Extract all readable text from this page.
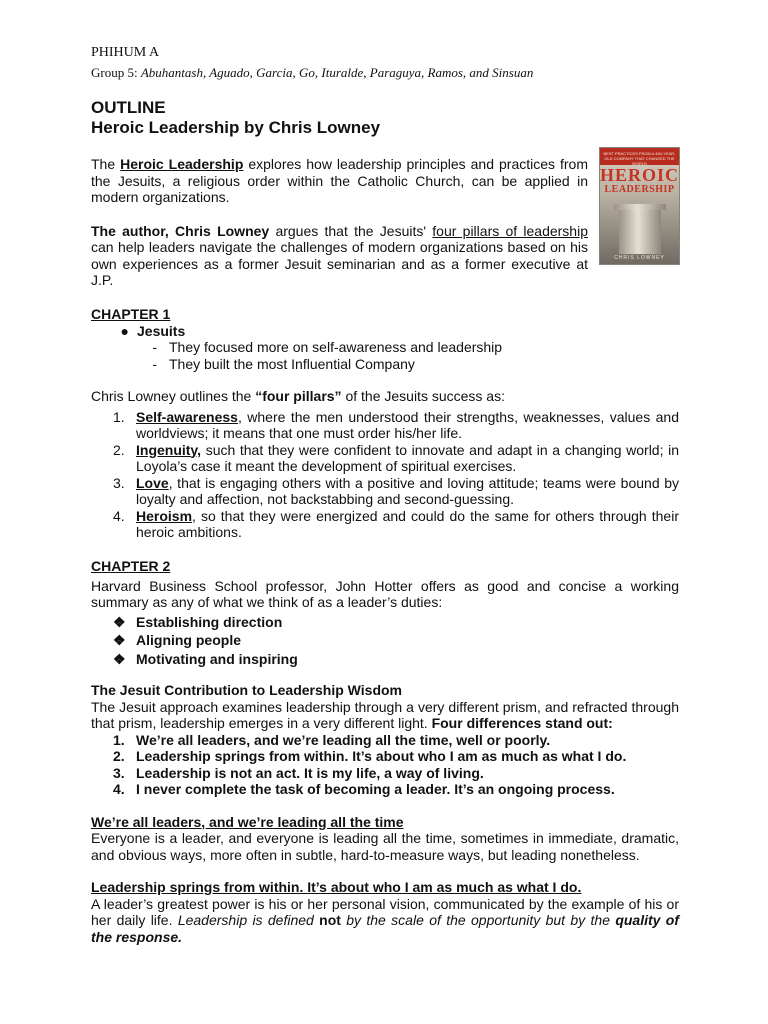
PHIHUM A
Group 5: Abuhantash, Aguado, Garcia, Go, Ituralde, Paraguya, Ramos, and Sinsuan
OUTLINE
Heroic Leadership by Chris Lowney

The Heroic Leadership explores how leadership principles and practices from the Jesuits, a religious order within the Catholic Church, can be applied in modern organizations.

The author, Chris Lowney argues that the Jesuits' four pillars of leadership can help leaders navigate the challenges of modern organizations based on his own experiences as a former Jesuit seminarian and as a former executive at J.P.

CHAPTER 1
● Jesuits
- They focused more on self-awareness and leadership
- They built the most Influential Company

Chris Lowney outlines the “four pillars” of the Jesuits success as:

1. Self-awareness, where the men understood their strengths, weaknesses, values and worldviews; it means that one must order his/her life.
2. Ingenuity, such that they were confident to innovate and adapt in a changing world; in Loyola’s case it meant the development of spiritual exercises.
3. Love, that is engaging others with a positive and loving attitude; teams were bound by loyalty and affection, not backstabbing and second-guessing.
4. Heroism, so that they were energized and could do the same for others through their heroic ambitions.
CHAPTER 2

Harvard Business School professor, John Hotter offers as good and concise a working summary as any of what we think of as a leader’s duties:

❖ Establishing direction
❖ Aligning people
❖ Motivating and inspiring
The Jesuit Contribution to Leadership Wisdom

The Jesuit approach examines leadership through a very different prism, and refracted through that prism, leadership emerges in a very different light. Four differences stand out:

1. We’re all leaders, and we’re leading all the time, well or poorly.
2. Leadership springs from within. It’s about who I am as much as what I do.
3. Leadership is not an act. It is my life, a way of living.
4. I never complete the task of becoming a leader. It’s an ongoing process.
We’re all leaders, and we’re leading all the time

Everyone is a leader, and everyone is leading all the time, sometimes in immediate, dramatic, and obvious ways, more often in subtle, hard-to-measure ways, but leading nonetheless.

Leadership springs from within. It’s about who I am as much as what I do.

A leader’s greatest power is his or her personal vision, communicated by the example of his or her daily life. Leadership is defined not by the scale of the opportunity but by the quality of the response.

BEST PRACTICES FROM A 450-YEAR-OLD COMPANY THAT CHANGED THE WORLD
HEROIC
LEADERSHIP
CHRIS LOWNEY
